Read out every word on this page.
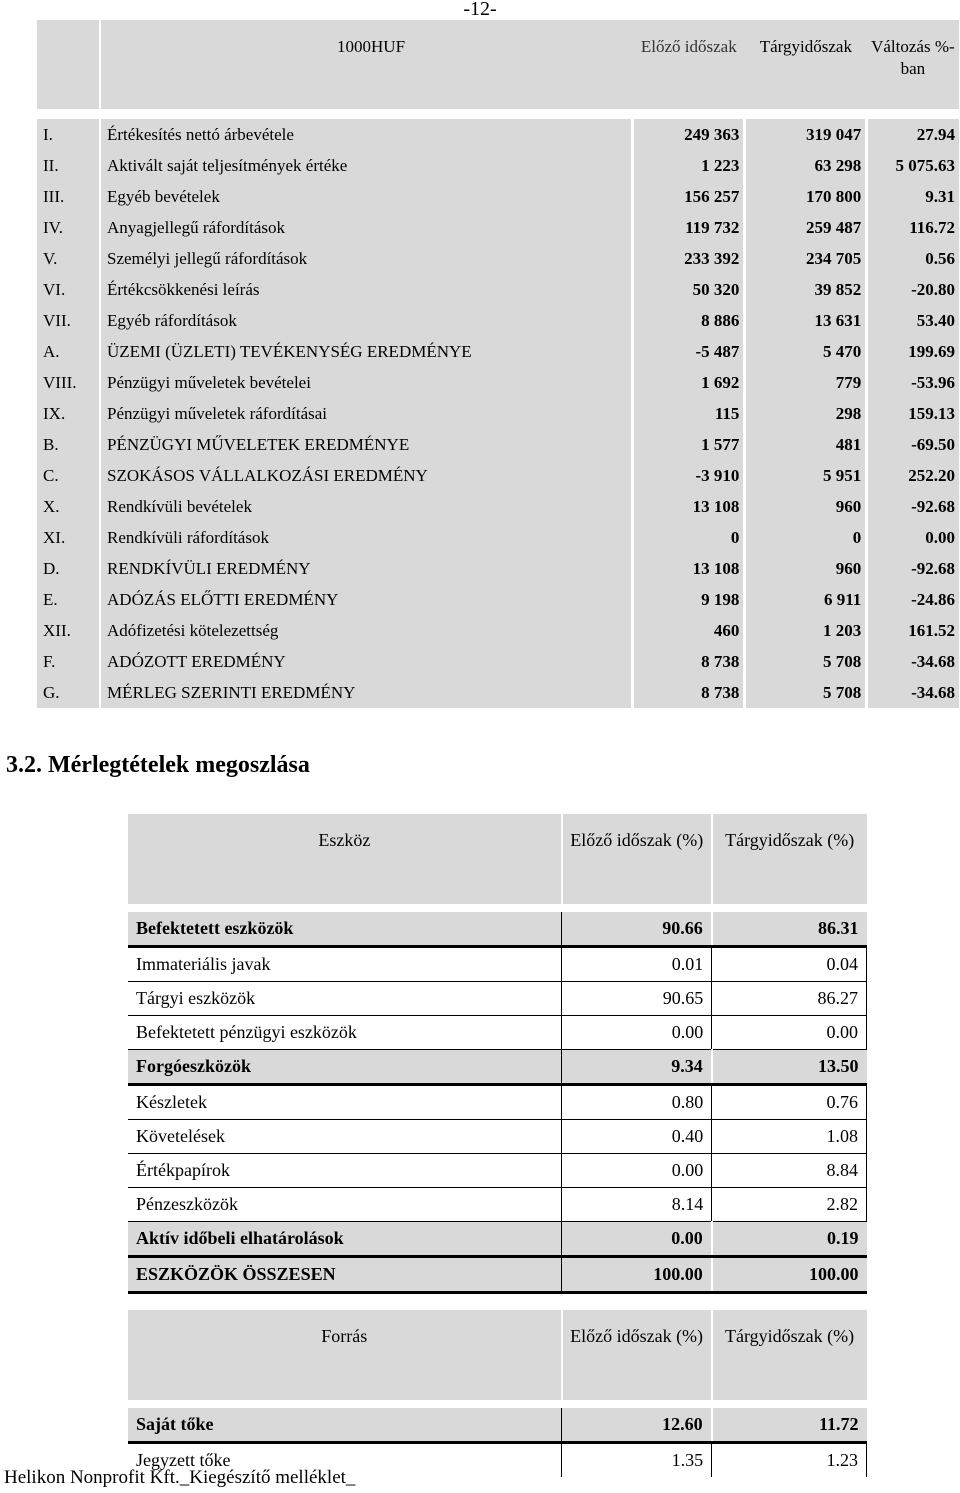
-12-
	1000HUF	Előző időszak	Tárgyidőszak	Változás %-ban

I.	Értékesítés nettó árbevétele	249 363	319 047	27.94
II.	Aktivált saját teljesítmények értéke	1 223	63 298	5 075.63
III.	Egyéb bevételek	156 257	170 800	9.31
IV.	Anyagjellegű ráfordítások	119 732	259 487	116.72
V.	Személyi jellegű ráfordítások	233 392	234 705	0.56
VI.	Értékcsökkenési leírás	50 320	39 852	-20.80
VII.	Egyéb ráfordítások	8 886	13 631	53.40
A.	ÜZEMI (ÜZLETI) TEVÉKENYSÉG EREDMÉNYE	-5 487	5 470	199.69
VIII.	Pénzügyi műveletek bevételei	1 692	779	-53.96
IX.	Pénzügyi műveletek ráfordításai	115	298	159.13
B.	PÉNZÜGYI MŰVELETEK EREDMÉNYE	1 577	481	-69.50
C.	SZOKÁSOS VÁLLALKOZÁSI EREDMÉNY	-3 910	5 951	252.20
X.	Rendkívüli bevételek	13 108	960	-92.68
XI.	Rendkívüli ráfordítások	0	0	0.00
D.	RENDKÍVÜLI EREDMÉNY	13 108	960	-92.68
E.	ADÓZÁS ELŐTTI EREDMÉNY	9 198	6 911	-24.86
XII.	Adófizetési kötelezettség	460	1 203	161.52
F.	ADÓZOTT EREDMÉNY	8 738	5 708	-34.68
G.	MÉRLEG SZERINTI EREDMÉNY	8 738	5 708	-34.68
3.2. Mérlegtételek megoszlása
Eszköz	Előző időszak (%)	Tárgyidőszak (%)
Befektetett eszközök	90.66	86.31
Immateriális javak	0.01	0.04
Tárgyi eszközök	90.65	86.27
Befektetett pénzügyi eszközök	0.00	0.00
Forgóeszközök	9.34	13.50
Készletek	0.80	0.76
Követelések	0.40	1.08
Értékpapírok	0.00	8.84
Pénzeszközök	8.14	2.82
Aktív időbeli elhatárolások	0.00	0.19
ESZKÖZÖK ÖSSZESEN	100.00	100.00
Forrás	Előző időszak (%)	Tárgyidőszak (%)
Saját tőke	12.60	11.72
Jegyzett tőke	1.35	1.23
Helikon Nonprofit Kft._Kiegészítő melléklet_
